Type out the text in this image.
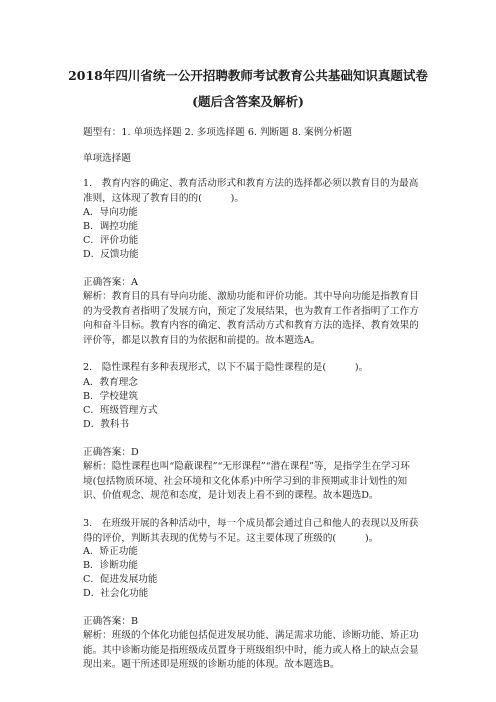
2018年四川省统一公开招聘教师考试教育公共基础知识真题试卷
(题后含答案及解析)
题型有：1. 单项选择题 2. 多项选择题 6. 判断题 8. 案例分析题
单项选择题
1.　教育内容的确定、教育活动形式和教育方法的选择都必须以教育目的为最高准则，这体现了教育目的的(　　　)。
A．导向功能
B．调控功能
C．评价功能
D．反馈功能
正确答案：A
解析：教育目的具有导向功能、激励功能和评价功能。其中导向功能是指教育目的为受教育者指明了发展方向，预定了发展结果，也为教育工作者指明了工作方向和奋斗目标。教育内容的确定、教育活动方式和教育方法的选择、教育效果的评价等，都是以教育目的为依据和前提的。故本题选A。
2.　隐性课程有多种表现形式，以下不属于隐性课程的是(　　　)。
A．教育理念
B．学校建筑
C．班级管理方式
D．教科书
正确答案：D
解析：隐性课程也叫“隐蔽课程”“无形课程”“潜在课程”等，是指学生在学习环境(包括物质环境、社会环境和文化体系)中所学习到的非预期或非计划性的知识、价值观念、规范和态度，是计划表上看不到的课程。故本题选D。
3.　在班级开展的各种活动中，每一个成员都会通过自己和他人的表现以及所获得的评价，判断其表现的优势与不足。这主要体现了班级的(　　　)。
A．矫正功能
B．诊断功能
C．促进发展功能
D．社会化功能
正确答案：B
解析：班级的个体化功能包括促进发展功能、满足需求功能、诊断功能、矫正功能。其中诊断功能是指班级成员置身于班级组织中时，能力或人格上的缺点会显现出来。题干所述即是班级的诊断功能的体现。故本题选B。
